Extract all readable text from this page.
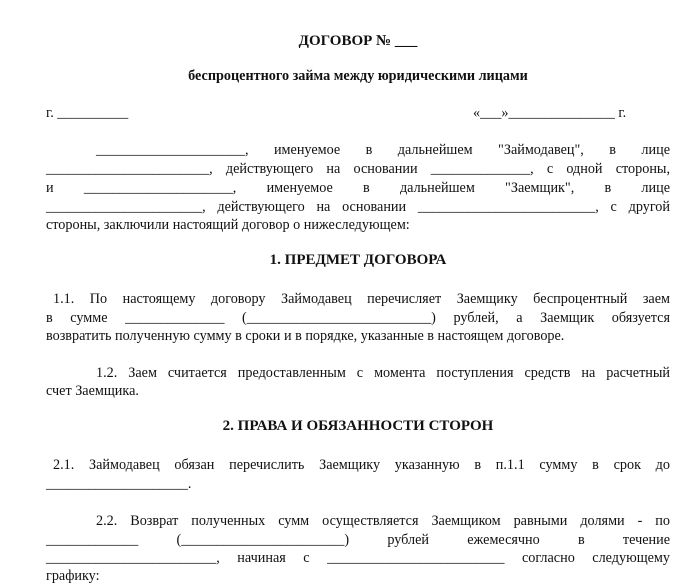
ДОГОВОР № ___
беспроцентного займа между юридическими лицами
г. __________	«___»_______________ г.
_____________________, именуемое в дальнейшем "Займодавец", в лице
_______________________, действующего на основании ______________, с одной стороны,
и _____________________, именуемое в дальнейшем "Заемщик", в лице
______________________, действующего на основании _________________________, с другой
стороны, заключили настоящий договор о нижеследующем:
1. ПРЕДМЕТ ДОГОВОРА
1.1. По настоящему договору Займодавец перечисляет Заемщику беспроцентный заем
в сумме ______________ (__________________________) рублей, а Заемщик обязуется
возвратить полученную сумму в сроки и в порядке, указанные в настоящем договоре.
1.2. Заем считается предоставленным с момента поступления средств на расчетный
счет Заемщика.
2. ПРАВА И ОБЯЗАННОСТИ СТОРОН
2.1. Займодавец обязан перечислить Заемщику указанную в п.1.1 сумму в срок до
____________________.
2.2. Возврат полученных сумм осуществляется Заемщиком равными долями - по
_____________ (_______________________) рублей ежемесячно в течение
________________________, начиная с _________________________ согласно следующему
графику:
